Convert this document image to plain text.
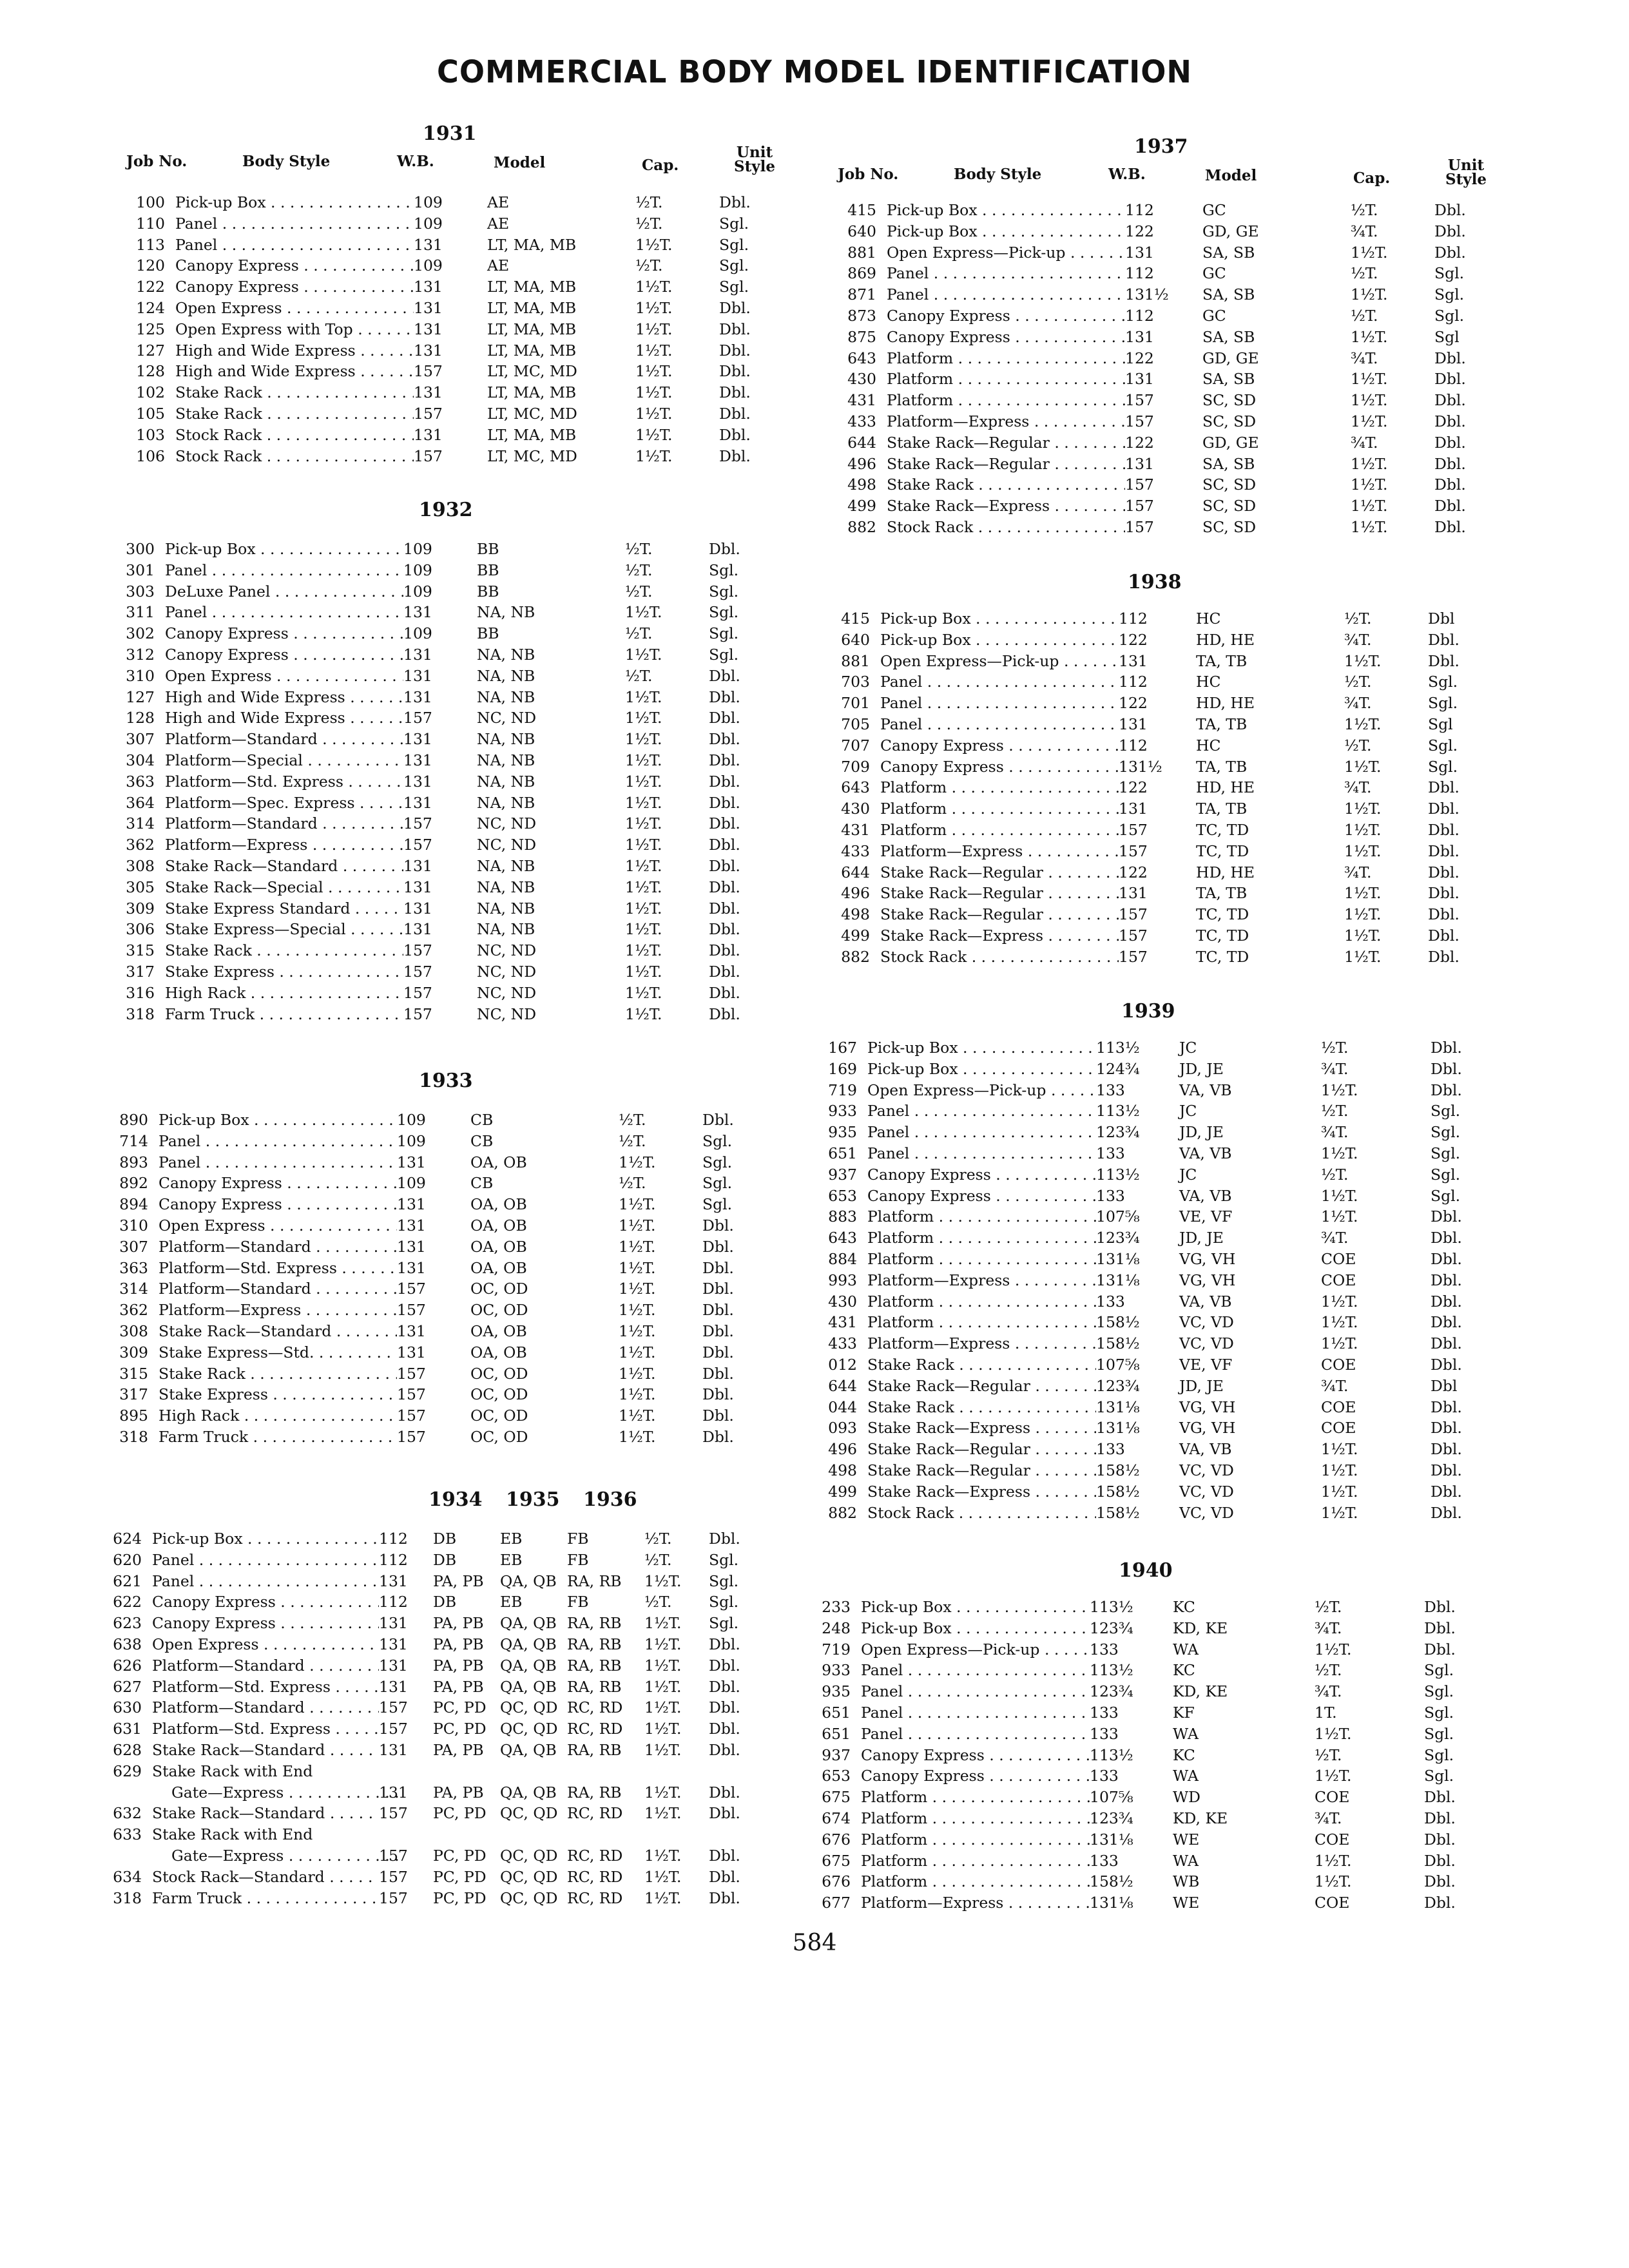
COMMERCIAL BODY MODEL IDENTIFICATION
1931
Job No.	Body Style	W.B.	Model	Cap.
Unit Style
100 Pick-up Box . . .	109	AE	½T.	Dbl.
110 Panel . . .	109	AE	½T.	Sgl.
113 Panel . . .	131	LT, MA, MB	1½T.	Sgl.
120 Canopy Express . . .	109	AE	½T.	Sgl.
122 Canopy Express . . .	131	LT, MA, MB	1½T.	Sgl.
124 Open Express . . .	131	LT, MA, MB	1½T.	Dbl.
125 Open Express with Top . . .	131	LT, MA, MB	1½T.	Dbl.
127 High and Wide Express . . .	131	LT, MA, MB	1½T.	Dbl.
128 High and Wide Express . . .	157	LT, MC, MD	1½T.	Dbl.
102 Stake Rack . . .	131	LT, MA, MB	1½T.	Dbl.
105 Stake Rack . . .	157	LT, MC, MD	1½T.	Dbl.
103 Stock Rack . . .	131	LT, MA, MB	1½T.	Dbl.
106 Stock Rack . . .	157	LT, MC, MD	1½T.	Dbl.
1932
300 Pick-up Box . . .	109	BB	½T.	Dbl.
301 Panel . . .	109	BB	½T.	Sgl.
303 DeLuxe Panel . . .	109	BB	½T.	Sgl.
311 Panel . . .	131	NA, NB	1½T.	Sgl.
302 Canopy Express . . .	109	BB	½T.	Sgl.
312 Canopy Express . . .	131	NA, NB	1½T.	Sgl.
310 Open Express . . .	131	NA, NB	½T.	Dbl.
127 High and Wide Express . . .	131	NA, NB	1½T.	Dbl.
128 High and Wide Express . . .	157	NC, ND	1½T.	Dbl.
307 Platform—Standard . . .	131	NA, NB	1½T.	Dbl.
304 Platform—Special . . .	131	NA, NB	1½T.	Dbl.
363 Platform—Std. Express . . .	131	NA, NB	1½T.	Dbl.
364 Platform—Spec. Express . . .	131	NA, NB	1½T.	Dbl.
314 Platform—Standard . . .	157	NC, ND	1½T.	Dbl.
362 Platform—Express . . .	157	NC, ND	1½T.	Dbl.
308 Stake Rack—Standard . . .	131	NA, NB	1½T.	Dbl.
305 Stake Rack—Special . . .	131	NA, NB	1½T.	Dbl.
309 Stake Express Standard . . .	131	NA, NB	1½T.	Dbl.
306 Stake Express—Special . . .	131	NA, NB	1½T.	Dbl.
315 Stake Rack . . .	157	NC, ND	1½T.	Dbl.
317 Stake Express . . .	157	NC, ND	1½T.	Dbl.
316 High Rack . . .	157	NC, ND	1½T.	Dbl.
318 Farm Truck . . .	157	NC, ND	1½T.	Dbl.
1933
890 Pick-up Box . . .	109	CB	½T.	Dbl.
714 Panel . . .	109	CB	½T.	Sgl.
893 Panel . . .	131	OA, OB	1½T.	Sgl.
892 Canopy Express . . .	109	CB	½T.	Sgl.
894 Canopy Express . . .	131	OA, OB	1½T.	Sgl.
310 Open Express . . .	131	OA, OB	1½T.	Dbl.
307 Platform—Standard . . .	131	OA, OB	1½T.	Dbl.
363 Platform—Std. Express . . .	131	OA, OB	1½T.	Dbl.
314 Platform—Standard . . .	157	OC, OD	1½T.	Dbl.
362 Platform—Express . . .	157	OC, OD	1½T.	Dbl.
308 Stake Rack—Standard . . .	131	OA, OB	1½T.	Dbl.
309 Stake Express—Std. . . .	131	OA, OB	1½T.	Dbl.
315 Stake Rack . . .	157	OC, OD	1½T.	Dbl.
317 Stake Express . . .	157	OC, OD	1½T.	Dbl.
895 High Rack . . .	157	OC, OD	1½T.	Dbl.
318 Farm Truck . . .	157	OC, OD	1½T.	Dbl.
1934 1935 1936
624 Pick-up Box . . .	112	DB	EB	FB	½T.	Dbl.
620 Panel . . .	112	DB	EB	FB	½T.	Sgl.
621 Panel . . .	131	PA, PB	QA, QB RA, RB	1½T.	Sgl.
622 Canopy Express . . .	112	DB	EB	FB	½T.	Sgl.
623 Canopy Express . . .	131	PA, PB	QA, QB RA, RB	1½T.	Sgl.
638 Open Express . . .	131	PA, PB	QA, QB RA, RB	1½T.	Dbl.
626 Platform—Standard . . .	131	PA, PB	QA, QB RA, RB	1½T.	Dbl.
627 Platform—Std. Express . . .	131	PA, PB	QA, QB RA, RB	1½T.	Dbl.
630 Platform—Standard . . .	157	PC, PD QC, QD RC, RD	1½T.	Dbl.
631 Platform—Std. Express . . .	157	PC, PD QC, QD RC, RD	1½T.	Dbl.
628 Stake Rack—Standard . . .	131	PA, PB	QA, QB RA, RB	1½T.	Dbl.
629 Stake Rack with End
Gate—Express . . .	131	PA, PB	QA, QB RA, RB	1½T.	Dbl.
632 Stake Rack—Standard . . .	157	PC, PD QC, QD RC, RD	1½T.	Dbl.
633 Stake Rack with End
Gate—Express . . .	157	PC, PD QC, QD RC, RD	1½T.	Dbl.
634 Stock Rack—Standard . . .	157	PC, PD QC, QD RC, RD	1½T.	Dbl.
318 Farm Truck . . .	157	PC, PD QC, QD RC, RD	1½T.	Dbl.
1937
Job No.	Body Style	W.B.	Model	Cap.
Unit Style
415 Pick-up Box . . .	112	GC	½T.	Dbl.
640 Pick-up Box . . .	122	GD, GE	¾T.	Dbl.
881 Open Express—Pick-up . . .	131	SA, SB	1½T.	Dbl.
869 Panel . . .	112	GC	½T.	Sgl.
871 Panel . . .	131½	SA, SB	1½T.	Sgl.
873 Canopy Express . . .	112	GC	½T.	Sgl.
875 Canopy Express . . .	131	SA, SB	1½T.	Sgl
643 Platform . . .	122	GD, GE	¾T.	Dbl.
430 Platform . . .	131	SA, SB	1½T.	Dbl.
431 Platform . . .	157	SC, SD	1½T.	Dbl.
433 Platform—Express . . .	157	SC, SD	1½T.	Dbl.
644 Stake Rack—Regular . . .	122	GD, GE	¾T.	Dbl.
496 Stake Rack—Regular . . .	131	SA, SB	1½T.	Dbl.
498 Stake Rack . . .	157	SC, SD	1½T.	Dbl.
499 Stake Rack—Express . . .	157	SC, SD	1½T.	Dbl.
882 Stock Rack . . .	157	SC, SD	1½T.	Dbl.
1938
415 Pick-up Box . . .	112	HC	½T.	Dbl
640 Pick-up Box . . .	122	HD, HE	¾T.	Dbl.
881 Open Express—Pick-up . . .	131	TA, TB	1½T.	Dbl.
703 Panel . . .	112	HC	½T.	Sgl.
701 Panel . . .	122	HD, HE	¾T.	Sgl.
705 Panel . . .	131	TA, TB	1½T.	Sgl
707 Canopy Express . . .	112	HC	½T.	Sgl.
709 Canopy Express . . .	131½	TA, TB	1½T.	Sgl.
643 Platform . . .	122	HD, HE	¾T.	Dbl.
430 Platform . . .	131	TA, TB	1½T.	Dbl.
431 Platform . . .	157	TC, TD	1½T.	Dbl.
433 Platform—Express . . .	157	TC, TD	1½T.	Dbl.
644 Stake Rack—Regular . . .	122	HD, HE	¾T.	Dbl.
496 Stake Rack—Regular . . .	131	TA, TB	1½T.	Dbl.
498 Stake Rack—Regular . . .	157	TC, TD	1½T.	Dbl.
499 Stake Rack—Express . . .	157	TC, TD	1½T.	Dbl.
882 Stock Rack . . .	157	TC, TD	1½T.	Dbl.
1939
167 Pick-up Box . . .	113½	JC	½T.	Dbl.
169 Pick-up Box . . .	124¾	JD, JE	¾T.	Dbl.
719 Open Express—Pick-up . . .	133	VA, VB	1½T.	Dbl.
933 Panel . . .	113½	JC	½T.	Sgl.
935 Panel . . .	123¾	JD, JE	¾T.	Sgl.
651 Panel . . .	133	VA, VB	1½T.	Sgl.
937 Canopy Express . . .	113½	JC	½T.	Sgl.
653 Canopy Express . . .	133	VA, VB	1½T.	Sgl.
883 Platform . . .	107⅝	VE, VF	1½T.	Dbl.
643 Platform . . .	123¾	JD, JE	¾T.	Dbl.
884 Platform . . .	131⅛	VG, VH	COE	Dbl.
993 Platform—Express . . .	131⅛	VG, VH	COE	Dbl.
430 Platform . . .	133	VA, VB	1½T.	Dbl.
431 Platform . . .	158½	VC, VD	1½T.	Dbl.
433 Platform—Express . . .	158½	VC, VD	1½T.	Dbl.
012 Stake Rack . . .	107⅝	VE, VF	COE	Dbl.
644 Stake Rack—Regular . . .	123¾	JD, JE	¾T.	Dbl
044 Stake Rack . . .	131⅛	VG, VH	COE	Dbl.
093 Stake Rack—Express . . .	131⅛	VG, VH	COE	Dbl.
496 Stake Rack—Regular . . .	133	VA, VB	1½T.	Dbl.
498 Stake Rack—Regular . . .	158½	VC, VD	1½T.	Dbl.
499 Stake Rack—Express . . .	158½	VC, VD	1½T.	Dbl.
882 Stock Rack . . .	158½	VC, VD	1½T.	Dbl.
1940
233 Pick-up Box . . .	113½	KC	½T.	Dbl.
248 Pick-up Box . . .	123¾	KD, KE	¾T.	Dbl.
719 Open Express—Pick-up . . .	133	WA	1½T.	Dbl.
933 Panel . . .	113½	KC	½T.	Sgl.
935 Panel . . .	123¾	KD, KE	¾T.	Sgl.
651 Panel . . .	133	KF	1T.	Sgl.
651 Panel . . .	133	WA	1½T.	Sgl.
937 Canopy Express . . .	113½	KC	½T.	Sgl.
653 Canopy Express . . .	133	WA	1½T.	Sgl.
675 Platform . . .	107⅝	WD	COE	Dbl.
674 Platform . . .	123¾	KD, KE	¾T.	Dbl.
676 Platform . . .	131⅛	WE	COE	Dbl.
675 Platform . . .	133	WA	1½T.	Dbl.
676 Platform . . .	158½	WB	1½T.	Dbl.
677 Platform—Express . . .	131⅛	WE	COE	Dbl.
584
